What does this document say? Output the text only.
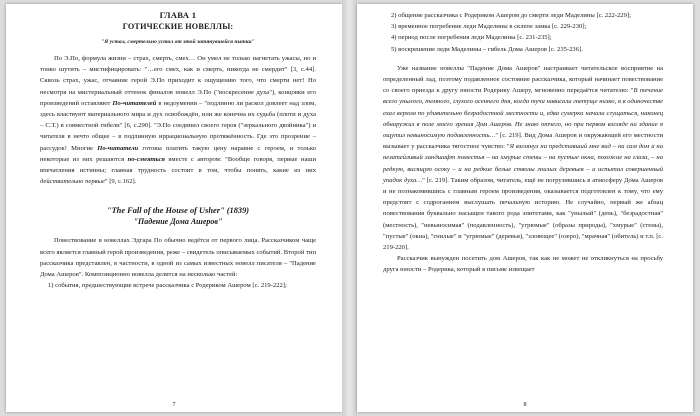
ГЛАВА 1
ГОТИЧЕСКИЕ НОВЕЛЛЫ:
"Я устал, смертельно устал от этой затянувшейся пытки"

По Э.По, формула жизни – страх, смерть, смех… Он умел не только нагнетать ужасы, но и тонко шутить – мистифицировать: "…его смех, как и смерть, никогда не смердит" [3, с.44]. Сквозь страх, ужас, отчаяние герой Э.По приходит к ощущению того, что смерти нет! Но несмотря на мистериальный оттенок финалов новелл Э.По ("воскресение духа"), концовки его произведений оставляют По-читателей в недоумении – "подлинно ли раскол довлеет над злом, здесь властвуют материального мира и дух освобождён, или же конечна их судьба (плоти и духа – С.Т.) в совместной гибели" [6, с.290]. "Э.По соединил своего героя ("зеркального двойника") и читателя в нечто общее – в подлинную иррациональную протяжённость. Где это прозрение – рассудок! Многие По-читатели готовы платить такую цену наравне с героем, и только некоторые из них решаются по-смеяться вместе с автором: "Вообще говоря, первые наши впечатления истинны; главная трудность состоит в том, чтобы понять, какие из них действительно первые" [9, с.162].

"The Fall of the House of Usher" (1839)
"Падение Дома Ашеров"

Повествование в новеллах Эдгара По обычно ведётся от первого лица. Рассказчиком чаще всего является главный герой произведения, реже – свидетель описываемых событий. Второй тип рассказчика представлен, в частности, в одной из самых известных новелл писателя – "Падение Дома Ашеров". Композиционно новелла делится на несколько частей:

1) события, предшествующие встрече рассказчика с Родериком Ашером [с. 219-222];
7
2) общение рассказчика с Родериком Ашером до смерти леди Маделины [с. 222-229];
3) временное погребение леди Маделины в склепе замка [с. 229-230];
4) период после погребения леди Маделины [с. 231-235];
5) воскрешение леди Маделины – гибель Дома Ашеров [с. 235-236].

Уже название новеллы "Падение Дома Ашеров" настраивает читательское восприятие на определенный лад, поэтому подавленное состояние рассказчика, который начинает повествование со своего приезда к другу юности Родерику Ашеру, мгновенно передаётся читателю: "В течение всего унылого, темного, глухого осеннего дня, когда тучи нависали гнетуще низко, я в одиночестве ехал верхом по удивительно безрадостной местности и, едва сумерки начали сгущаться, наконец обнаружил в поле моего зрения Дом Ашеров. Не знаю отчего, но при первом взгляде на здание я ощутил невыносимую подавленность…" [с. 219]. Вид Дома Ашеров и окружающей его местности вызывает у рассказчика тягостное чувство: "Я взглянул на представший мне вид – на сам дом и на незатейливый ландшафт поместья – на хмурые стены – на пустые окна, похожие на глаза, – на редкую, висящую осоку – и на редкие белые стволы гнилых деревьев – и испытал совершенный упадок духа…" [с. 219]. Таким образом, читатель, ещё не погрузившись в атмосферу Дома Ашеров и не познакомившись с главным героем произведения, оказывается подготовлен к тому, что ему предстоит с содроганием выслушать печальную историю. Не случайно, первый же абзац повествования буквально насыщен такого рода эпитетами, как "унылый" (день), "безрадостная" (местность), "невыносимая" (подавленность), "угрюмые" (образы природы), "хмурые" (стены), "пустые" (окна), "гнилые" и "угрюмые" (деревья), "зловещее" (озеро), "мрачная" (обитель) и т.п. [с. 219-220].

Рассказчик вынужден посетить дом Ашеров, так как не может не откликнуться на просьбу друга юности – Родерика, который в письме извещает

8
